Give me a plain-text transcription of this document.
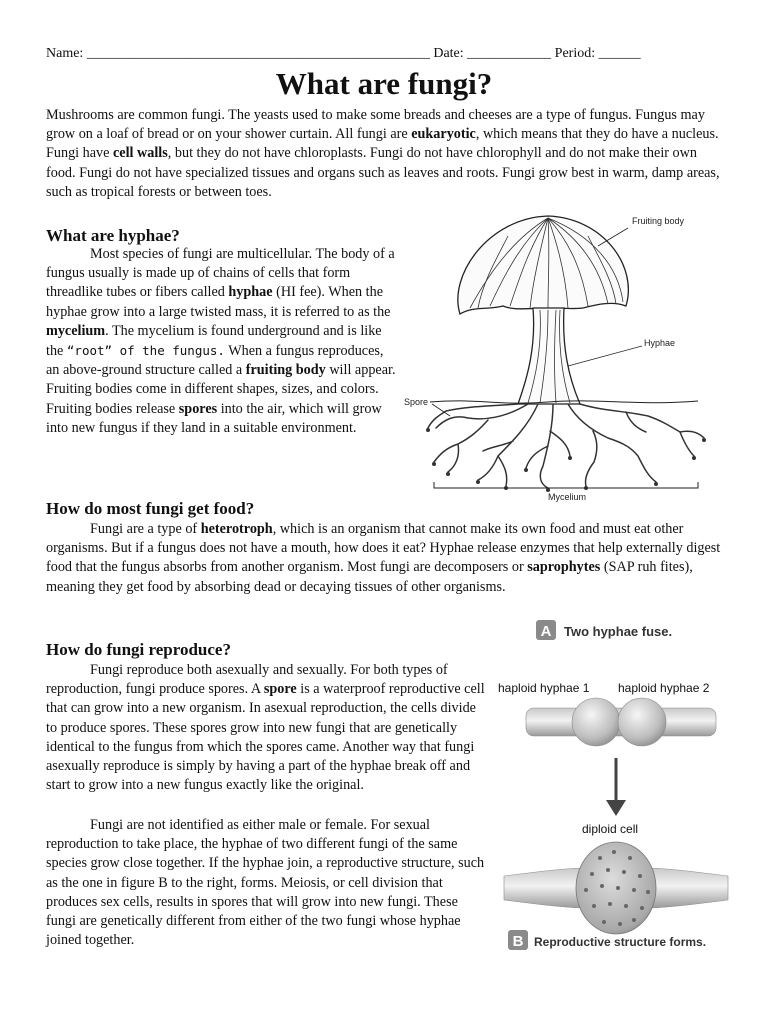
Name: _________________________________________________ Date: ____________ Period: ______
What are fungi?

Mushrooms are common fungi. The yeasts used to make some breads and cheeses are a type of fungus. Fungus may grow on a loaf of bread or on your shower curtain. All fungi are eukaryotic, which means that they do have a nucleus. Fungi have cell walls, but they do not have chloroplasts. Fungi do not have chlorophyll and do not make their own food. Fungi do not have specialized tissues and organs such as leaves and roots. Fungi grow best in warm, damp areas, such as tropical forests or between toes.

What are hyphae?

Most species of fungi are multicellular. The body of a fungus usually is made up of chains of cells that form threadlike tubes or fibers called hyphae (HI fee). When the hyphae grow into a large twisted mass, it is referred to as the mycelium. The mycelium is found underground and is like the “root” of the fungus. When a fungus reproduces, an above-ground structure called a fruiting body will appear. Fruiting bodies come in different shapes, sizes, and colors. Fruiting bodies release spores into the air, which will grow into new fungus if they land in a suitable environment.

Fruiting body
Hyphae
Spore
Mycelium
How do most fungi get food?

Fungi are a type of heterotroph, which is an organism that cannot make its own food and must eat other organisms. But if a fungus does not have a mouth, how does it eat? Hyphae release enzymes that help externally digest food that the fungus absorbs from another organism. Most fungi are decomposers or saprophytes (SAP ruh fites), meaning they get food by absorbing dead or decaying tissues of other organisms.

How do fungi reproduce?

Fungi reproduce both asexually and sexually. For both types of reproduction, fungi produce spores. A spore is a waterproof reproductive cell that can grow into a new organism. In asexual reproduction, the cells divide to produce spores. These spores grow into new fungi that are genetically identical to the fungus from which the spores came. Another way that fungi asexually reproduce is simply by having a part of the hyphae break off and start to grow into a new fungus exactly like the original.

Fungi are not identified as either male or female. For sexual reproduction to take place, the hyphae of two different fungi of the same species grow close together. If the hyphae join, a reproductive structure, such as the one in figure B to the right, forms. Meiosis, or cell division that produces sex cells, results in spores that will grow into new fungi. These fungi are genetically different from either of the two fungi whose hyphae joined together.

A Two hyphae fuse.
haploid hyphae 1 haploid hyphae 2
diploid cell
B Reproductive structure forms.
